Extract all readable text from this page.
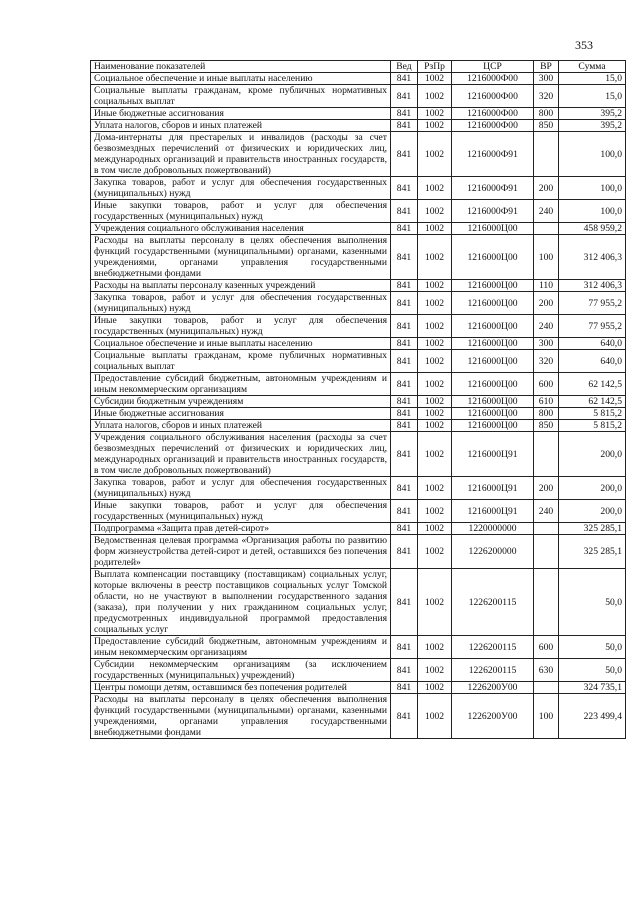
353
Наименование показателей	Вед	РзПр	ЦСР	ВР	Сумма
Социальное обеспечение и иные выплаты населению	841	1002	1216000Ф00	300	15,0
Социальные выплаты гражданам, кроме публичных нормативных социальных выплат	841	1002	1216000Ф00	320	15,0
Иные бюджетные ассигнования	841	1002	1216000Ф00	800	395,2
Уплата налогов, сборов и иных платежей	841	1002	1216000Ф00	850	395,2
Дома-интернаты для престарелых и инвалидов (расходы за счет безвозмездных перечислений от физических и юридических лиц, международных организаций и правительств иностранных государств, в том числе добровольных пожертвований)	841	1002	1216000Ф91		100,0
Закупка товаров, работ и услуг для обеспечения государственных (муниципальных) нужд	841	1002	1216000Ф91	200	100,0
Иные закупки товаров, работ и услуг для обеспечения государственных (муниципальных) нужд	841	1002	1216000Ф91	240	100,0
Учреждения социального обслуживания населения	841	1002	1216000Ц00		458 959,2
Расходы на выплаты персоналу в целях обеспечения выполнения функций государственными (муниципальными) органами, казенными учреждениями, органами управления государственными внебюджетными фондами	841	1002	1216000Ц00	100	312 406,3
Расходы на выплаты персоналу казенных учреждений	841	1002	1216000Ц00	110	312 406,3
Закупка товаров, работ и услуг для обеспечения государственных (муниципальных) нужд	841	1002	1216000Ц00	200	77 955,2
Иные закупки товаров, работ и услуг для обеспечения государственных (муниципальных) нужд	841	1002	1216000Ц00	240	77 955,2
Социальное обеспечение и иные выплаты населению	841	1002	1216000Ц00	300	640,0
Социальные выплаты гражданам, кроме публичных нормативных социальных выплат	841	1002	1216000Ц00	320	640,0
Предоставление субсидий бюджетным, автономным учреждениям и иным некоммерческим организациям	841	1002	1216000Ц00	600	62 142,5
Субсидии бюджетным учреждениям	841	1002	1216000Ц00	610	62 142,5
Иные бюджетные ассигнования	841	1002	1216000Ц00	800	5 815,2
Уплата налогов, сборов и иных платежей	841	1002	1216000Ц00	850	5 815,2
Учреждения социального обслуживания населения (расходы за счет безвозмездных перечислений от физических и юридических лиц, международных организаций и правительств иностранных государств, в том числе добровольных пожертвований)	841	1002	1216000Ц91		200,0
Закупка товаров, работ и услуг для обеспечения государственных (муниципальных) нужд	841	1002	1216000Ц91	200	200,0
Иные закупки товаров, работ и услуг для обеспечения государственных (муниципальных) нужд	841	1002	1216000Ц91	240	200,0
Подпрограмма «Защита прав детей-сирот»	841	1002	1220000000		325 285,1
Ведомственная целевая программа «Организация работы по развитию форм жизнеустройства детей-сирот и детей, оставшихся без попечения родителей»	841	1002	1226200000		325 285,1
Выплата компенсации поставщику (поставщикам) социальных услуг, которые включены в реестр поставщиков социальных услуг Томской области, но не участвуют в выполнении государственного задания (заказа), при получении у них гражданином социальных услуг, предусмотренных индивидуальной программой предоставления социальных услуг	841	1002	1226200115		50,0
Предоставление субсидий бюджетным, автономным учреждениям и иным некоммерческим организациям	841	1002	1226200115	600	50,0
Субсидии некоммерческим организациям (за исключением государственных (муниципальных) учреждений)	841	1002	1226200115	630	50,0
Центры помощи детям, оставшимся без попечения родителей	841	1002	1226200У00		324 735,1
Расходы на выплаты персоналу в целях обеспечения выполнения функций государственными (муниципальными) органами, казенными учреждениями, органами управления государственными внебюджетными фондами	841	1002	1226200У00	100	223 499,4
